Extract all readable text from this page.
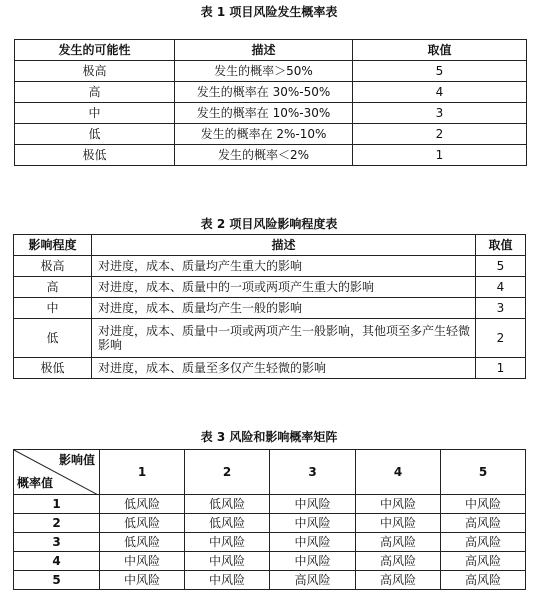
表 1 项目风险发生概率表
发生的可能性	描述	取值
极高	发生的概率＞50%	5
高	发生的概率在 30%-50%	4
中	发生的概率在 10%-30%	3
低	发生的概率在 2%-10%	2
极低	发生的概率＜2%	1
表 2 项目风险影响程度表
影响程度	描述	取值
极高	对进度，成本、质量均产生重大的影响	5
高	对进度，成本、质量中的一项或两项产生重大的影响	4
中	对进度，成本、质量均产生一般的影响	3
低	对进度，成本、质量中一项或两项产生一般影响，其他项至多产生轻微影响	2
极低	对进度，成本、质量至多仅产生轻微的影响	1
表 3 风险和影响概率矩阵
影响值
概率值	1	2	3	4	5
1	低风险	低风险	中风险	中风险	中风险
2	低风险	低风险	中风险	中风险	高风险
3	低风险	中风险	中风险	高风险	高风险
4	中风险	中风险	中风险	高风险	高风险
5	中风险	中风险	高风险	高风险	高风险
